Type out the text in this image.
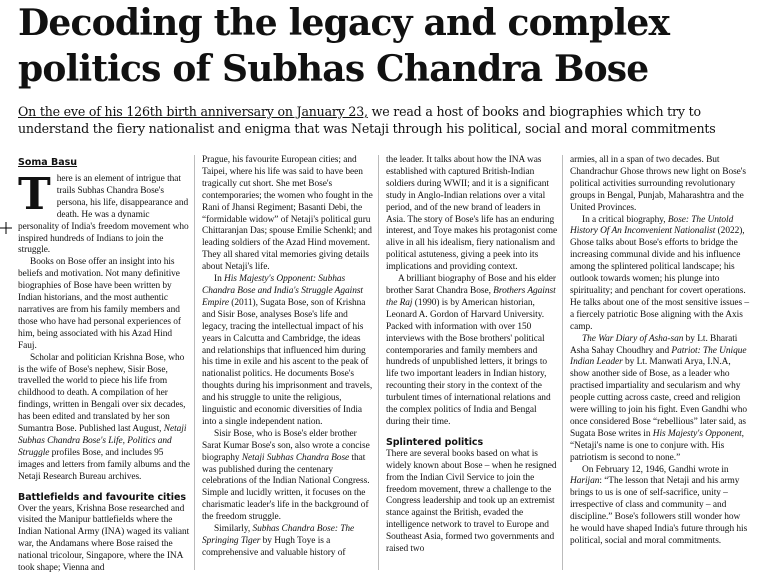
Decoding the legacy and complex politics of Subhas Chandra Bose

On the eve of his 126th birth anniversary on January 23, we read a host of books and biographies which try to understand the fiery nationalist and enigma that was Netaji through his political, social and moral commitments

Soma Basu

There is an element of intrigue that trails Subhas Chandra Bose's persona, his life, disappearance and death. He was a dynamic personality of India's freedom movement who inspired hundreds of Indians to join the struggle.

Books on Bose offer an insight into his beliefs and motivation. Not many definitive biographies of Bose have been written by Indian historians, and the most authentic narratives are from his family members and those who have had personal experiences of him, being associated with his Azad Hind Fauj.

Scholar and politician Krishna Bose, who is the wife of Bose's nephew, Sisir Bose, travelled the world to piece his life from childhood to death. A compilation of her findings, written in Bengali over six decades, has been edited and translated by her son Sumantra Bose. Published last August, Netaji Subhas Chandra Bose's Life, Politics and Struggle profiles Bose, and includes 95 images and letters from family albums and the Netaji Research Bureau archives.

Battlefields and favourite cities

Over the years, Krishna Bose researched and visited the Manipur battlefields where the Indian National Army (INA) waged its valiant war, the Andamans where Bose raised the national tricolour, Singapore, where the INA took shape; Vienna and

Prague, his favourite European cities; and Taipei, where his life was said to have been tragically cut short. She met Bose's contemporaries; the women who fought in the Rani of Jhansi Regiment; Basanti Debi, the “formidable widow” of Netaji's political guru Chittaranjan Das; spouse Emilie Schenkl; and leading soldiers of the Azad Hind movement. They all shared vital memories giving details about Netaji's life.

In His Majesty's Opponent: Subhas Chandra Bose and India's Struggle Against Empire (2011), Sugata Bose, son of Krishna and Sisir Bose, analyses Bose's life and legacy, tracing the intellectual impact of his years in Calcutta and Cambridge, the ideas and relationships that influenced him during his time in exile and his ascent to the peak of nationalist politics. He documents Bose's thoughts during his imprisonment and travels, and his struggle to unite the religious, linguistic and economic diversities of India into a single independent nation.

Sisir Bose, who is Bose's elder brother Sarat Kumar Bose's son, also wrote a concise biography Netaji Subhas Chandra Bose that was published during the centenary celebrations of the Indian National Congress. Simple and lucidly written, it focuses on the charismatic leader's life in the background of the freedom struggle.

Similarly, Subhas Chandra Bose: The Springing Tiger by Hugh Toye is a comprehensive and valuable history of

the leader. It talks about how the INA was established with captured British-Indian soldiers during WWII; and it is a significant study in Anglo-Indian relations over a vital period, and of the new brand of leaders in Asia. The story of Bose's life has an enduring interest, and Toye makes his protagonist come alive in all his idealism, fiery nationalism and political astuteness, giving a peek into its implications and providing context.

A brilliant biography of Bose and his elder brother Sarat Chandra Bose, Brothers Against the Raj (1990) is by American historian, Leonard A. Gordon of Harvard University. Packed with information with over 150 interviews with the Bose brothers' political contemporaries and family members and hundreds of unpublished letters, it brings to life two important leaders in Indian history, recounting their story in the context of the turbulent times of international relations and the complex politics of India and Bengal during their time.

Splintered politics

There are several books based on what is widely known about Bose – when he resigned from the Indian Civil Service to join the freedom movement, threw a challenge to the Congress leadership and took up an extremist stance against the British, evaded the intelligence network to travel to Europe and Southeast Asia, formed two governments and raised two

armies, all in a span of two decades. But Chandrachur Ghose throws new light on Bose's political activities surrounding revolutionary groups in Bengal, Punjab, Maharashtra and the United Provinces.

In a critical biography, Bose: The Untold History Of An Inconvenient Nationalist (2022), Ghose talks about Bose's efforts to bridge the increasing communal divide and his influence among the splintered political landscape; his outlook towards women; his plunge into spirituality; and penchant for covert operations. He talks about one of the most sensitive issues – a fiercely patriotic Bose aligning with the Axis camp.

The War Diary of Asha-san by Lt. Bharati Asha Sahay Choudhry and Patriot: The Unique Indian Leader by Lt. Manwati Arya, I.N.A, show another side of Bose, as a leader who practised impartiality and secularism and why people cutting across caste, creed and religion were willing to join his fight. Even Gandhi who once considered Bose “rebellious” later said, as Sugata Bose writes in His Majesty's Opponent, “Netaji's name is one to conjure with. His patriotism is second to none.”

On February 12, 1946, Gandhi wrote in Harijan: “The lesson that Netaji and his army brings to us is one of self-sacrifice, unity – irrespective of class and community – and discipline.” Bose's followers still wonder how he would have shaped India's future through his political, social and moral commitments.
